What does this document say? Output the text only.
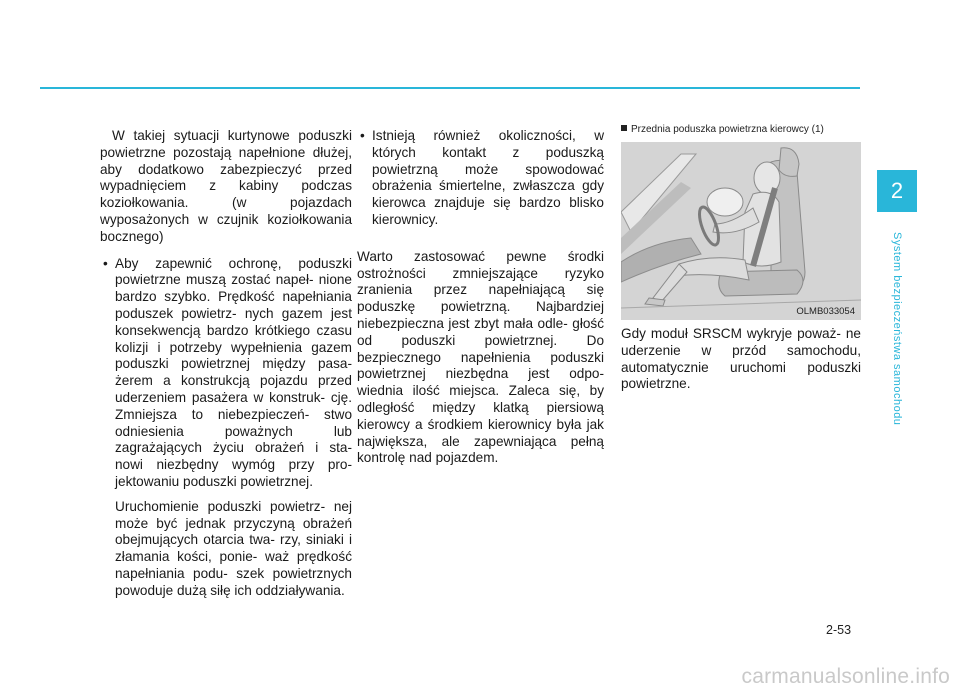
W takiej sytuacji kurtynowe poduszki powietrzne pozostają napełnione dłużej, aby dodatkowo zabezpieczyć przed wypadnięciem z kabiny podczas koziołkowania.	(w pojazdach wyposażonych w czujnik koziołkowania bocznego)

• Aby zapewnić ochronę, poduszki powietrzne muszą zostać napeł- nione bardzo szybko. Prędkość napełniania poduszek powietrz- nych gazem jest konsekwencją bardzo krótkiego czasu kolizji i potrzeby wypełnienia gazem poduszki powietrznej między pasa- żerem a konstrukcją pojazdu przed uderzeniem pasażera w konstruk- cję. Zmniejsza to niebezpieczeń- stwo odniesienia poważnych lub zagrażających życiu obrażeń i sta- nowi niezbędny wymóg przy pro- jektowaniu poduszki powietrznej.

Uruchomienie poduszki powietrz- nej może być jednak przyczyną obrażeń obejmujących otarcia twa- rzy, siniaki i złamania kości, ponie- waż prędkość napełniania podu- szek powietrznych powoduje dużą siłę ich oddziaływania.

• Istnieją również okoliczności, w których kontakt z poduszką powietrzną może spowodować obrażenia śmiertelne, zwłaszcza gdy kierowca znajduje się bardzo blisko kierownicy.

Warto zastosować pewne środki ostrożności zmniejszające ryzyko zranienia przez napełniającą się poduszkę powietrzną. Najbardziej niebezpieczna jest zbyt mała odle- głość od poduszki powietrznej. Do bezpiecznego napełnienia poduszki powietrznej niezbędna jest odpo- wiednia ilość miejsca. Zaleca się, by odległość między klatką piersiową kierowcy a środkiem kierownicy była jak największa, ale zapewniająca pełną kontrolę nad pojazdem.

Przednia poduszka powietrzna kierowcy (1)
OLMB033054

Gdy moduł SRSCM wykryje poważ- ne uderzenie w przód samochodu, automatycznie uruchomi poduszki powietrzne.

2
System bezpieczeństwa samochodu
2-53
carmanualsonline.info
